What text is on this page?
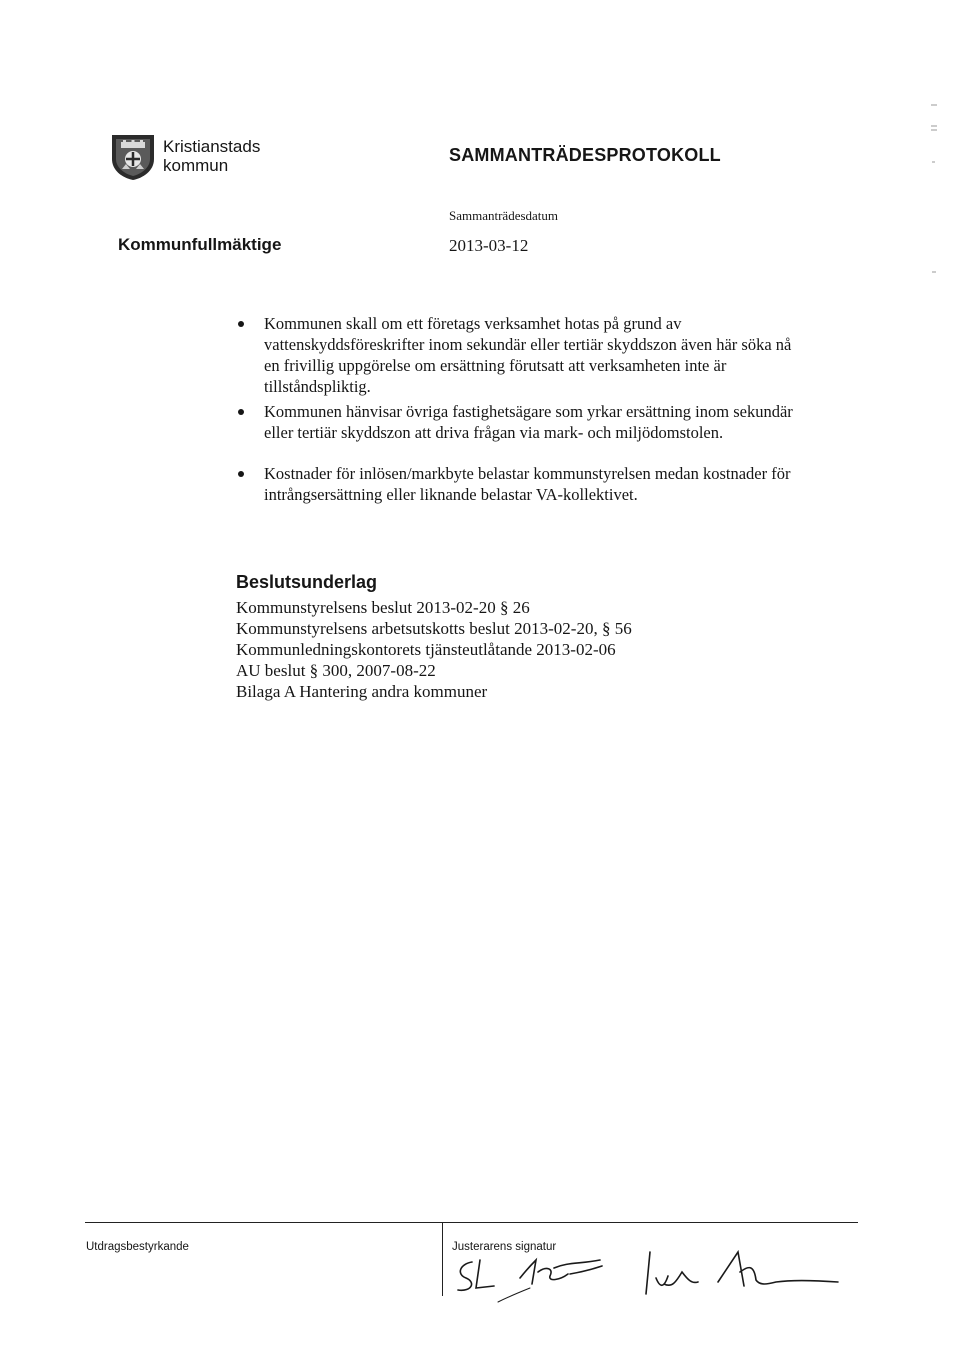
Kristianstads
kommun
SAMMANTRÄDESPROTOKOLL
Sammanträdesdatum
Kommunfullmäktige	2013-03-12
Kommunen skall om ett företags verksamhet hotas på grund av vattenskyddsföreskrifter inom sekundär eller tertiär skyddszon även här söka nå en frivillig uppgörelse om ersättning förutsatt att verksamheten inte är tillståndspliktig.
Kommunen hänvisar övriga fastighetsägare som yrkar ersättning inom sekundär eller tertiär skyddszon att driva frågan via mark- och miljödomstolen.
Kostnader för inlösen/markbyte belastar kommunstyrelsen medan kostnader för intrångsersättning eller liknande belastar VA-kollektivet.
Beslutsunderlag
Kommunstyrelsens beslut 2013-02-20 § 26
Kommunstyrelsens arbetsutskotts beslut 2013-02-20, § 56
Kommunledningskontorets tjänsteutlåtande 2013-02-06
AU beslut § 300, 2007-08-22
Bilaga A Hantering andra kommuner
Utdragsbestyrkande	Justerarens signatur
